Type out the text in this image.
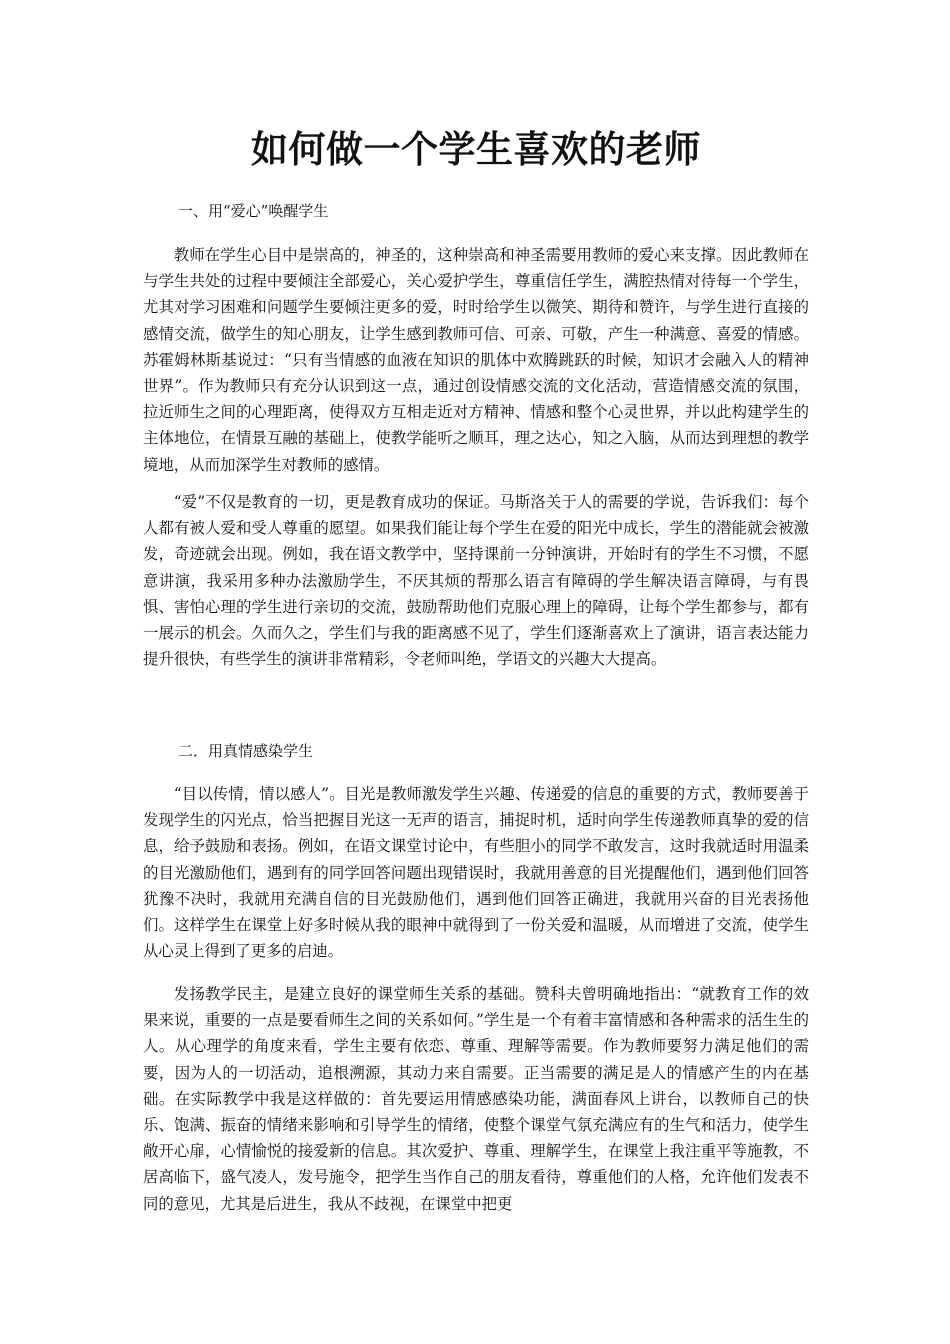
如何做一个学生喜欢的老师

一、用“爱心”唤醒学生

教师在学生心目中是崇高的，神圣的，这种崇高和神圣需要用教师的爱心来支撑。因此教师在与学生共处的过程中要倾注全部爱心，关心爱护学生，尊重信任学生，满腔热情对待每一个学生，尤其对学习困难和问题学生要倾注更多的爱，时时给学生以微笑、期待和赞许，与学生进行直接的感情交流，做学生的知心朋友，让学生感到教师可信、可亲、可敬，产生一种满意、喜爱的情感。苏霍姆林斯基说过：“只有当情感的血液在知识的肌体中欢腾跳跃的时候，知识才会融入人的精神世界”。作为教师只有充分认识到这一点，通过创设情感交流的文化活动，营造情感交流的氛围，拉近师生之间的心理距离，使得双方互相走近对方精神、情感和整个心灵世界，并以此构建学生的主体地位，在情景互融的基础上，使教学能听之顺耳，理之达心，知之入脑，从而达到理想的教学境地，从而加深学生对教师的感情。

“爱”不仅是教育的一切，更是教育成功的保证。马斯洛关于人的需要的学说，告诉我们：每个人都有被人爱和受人尊重的愿望。如果我们能让每个学生在爱的阳光中成长，学生的潜能就会被激发，奇迹就会出现。例如，我在语文教学中，坚持课前一分钟演讲，开始时有的学生不习惯，不愿意讲演，我采用多种办法激励学生，不厌其烦的帮那么语言有障碍的学生解决语言障碍，与有畏惧、害怕心理的学生进行亲切的交流，鼓励帮助他们克服心理上的障碍，让每个学生都参与，都有一展示的机会。久而久之，学生们与我的距离感不见了，学生们逐渐喜欢上了演讲，语言表达能力提升很快，有些学生的演讲非常精彩，令老师叫绝，学语文的兴趣大大提高。

二．用真情感染学生

“目以传情，情以感人”。目光是教师激发学生兴趣、传递爱的信息的重要的方式，教师要善于发现学生的闪光点，恰当把握目光这一无声的语言，捕捉时机，适时向学生传递教师真挚的爱的信息，给予鼓励和表扬。例如，在语文课堂讨论中，有些胆小的同学不敢发言，这时我就适时用温柔的目光激励他们，遇到有的同学回答问题出现错误时，我就用善意的目光提醒他们，遇到他们回答犹豫不决时，我就用充满自信的目光鼓励他们，遇到他们回答正确进，我就用兴奋的目光表扬他们。这样学生在课堂上好多时候从我的眼神中就得到了一份关爱和温暖，从而增进了交流，使学生从心灵上得到了更多的启迪。

发扬教学民主，是建立良好的课堂师生关系的基础。赞科夫曾明确地指出：“就教育工作的效果来说，重要的一点是要看师生之间的关系如何。”学生是一个有着丰富情感和各种需求的活生生的人。从心理学的角度来看，学生主要有依恋、尊重、理解等需要。作为教师要努力满足他们的需要，因为人的一切活动，追根溯源，其动力来自需要。正当需要的满足是人的情感产生的内在基础。在实际教学中我是这样做的：首先要运用情感感染功能，满面春风上讲台，以教师自己的快乐、饱满、振奋的情绪来影响和引导学生的情绪，使整个课堂气氛充满应有的生气和活力，使学生敞开心扉，心情愉悦的接爱新的信息。其次爱护、尊重、理解学生，在课堂上我注重平等施教，不居高临下，盛气凌人，发号施令，把学生当作自己的朋友看待，尊重他们的人格，允许他们发表不同的意见，尤其是后进生，我从不歧视，在课堂中把更
